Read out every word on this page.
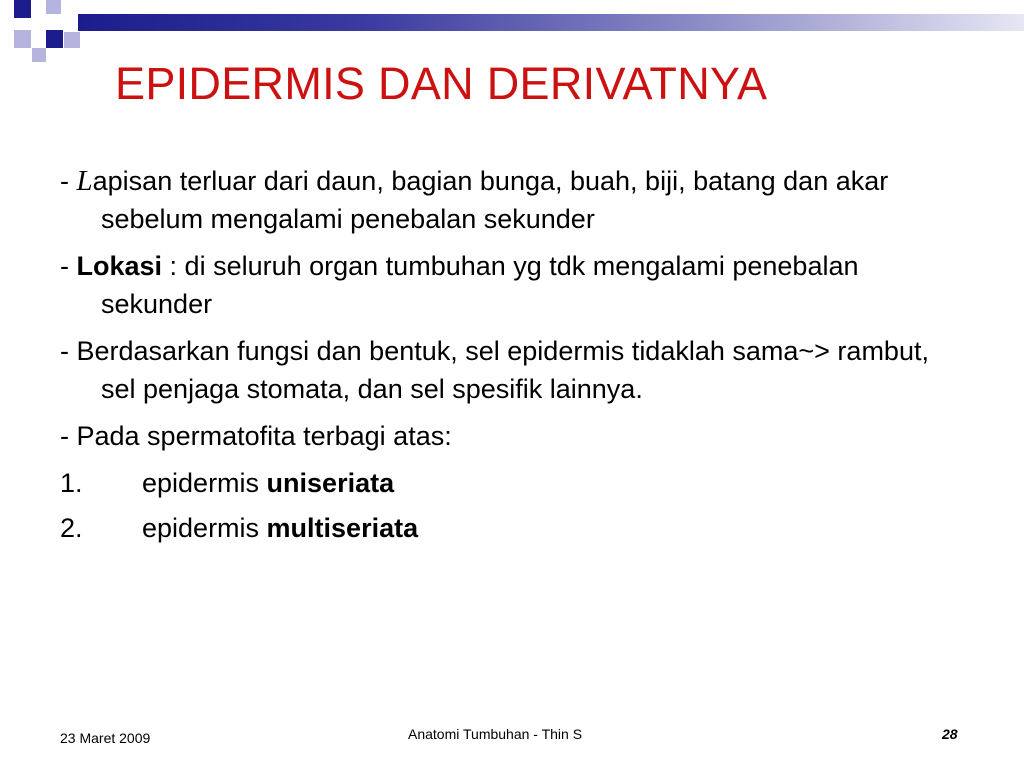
EPIDERMIS DAN DERIVATNYA

- Lapisan terluar dari daun, bagian bunga, buah, biji, batang dan akar sebelum mengalami penebalan sekunder

- Lokasi : di seluruh organ tumbuhan yg tdk mengalami penebalan sekunder

- Berdasarkan fungsi dan bentuk, sel epidermis tidaklah sama~> rambut, sel penjaga stomata, dan sel spesifik lainnya.

- Pada spermatofita terbagi atas:

1. epidermis uniseriata

2. epidermis multiseriata

23 Maret 2009	Anatomi Tumbuhan - Thin S	28
